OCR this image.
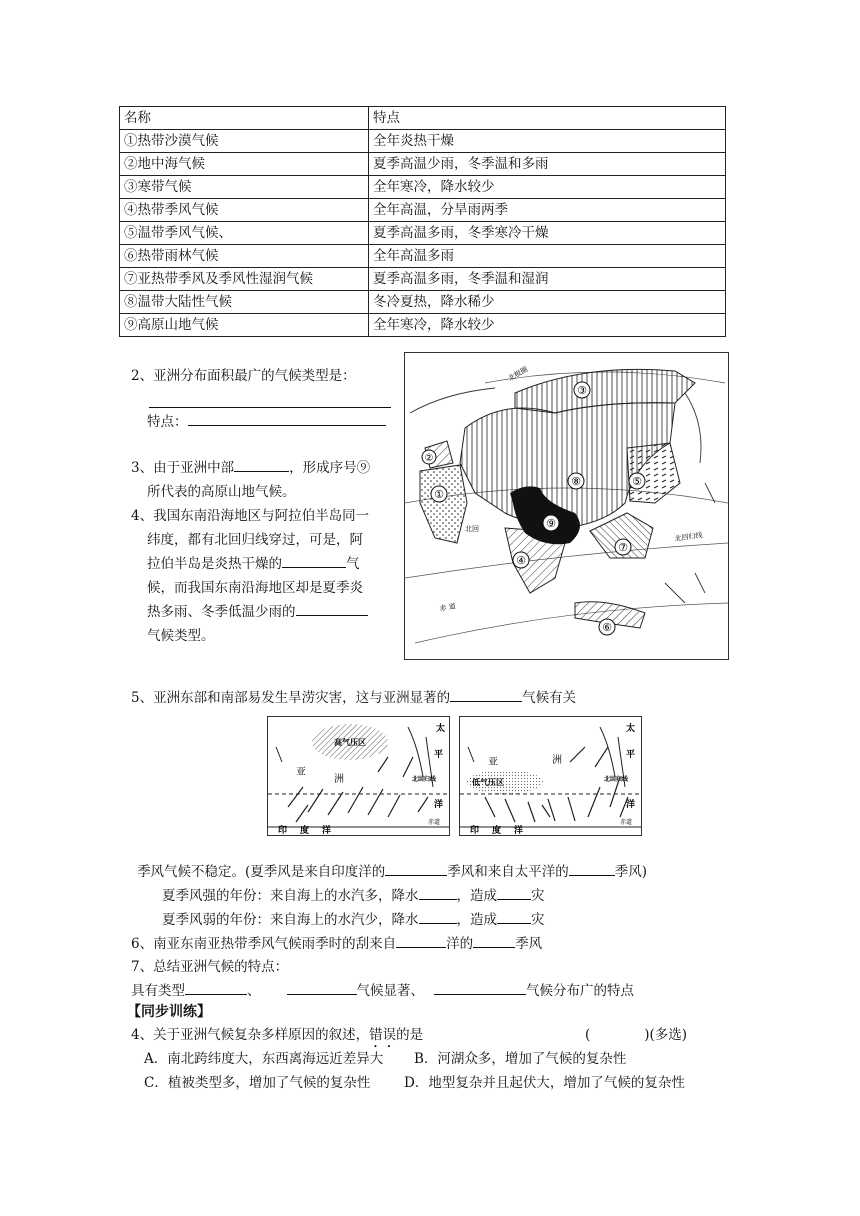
名称	特点
①热带沙漠气候	全年炎热干燥
②地中海气候	夏季高温少雨，冬季温和多雨
③寒带气候	全年寒冷，降水较少
④热带季风气候	全年高温，分旱雨两季
⑤温带季风气候、	夏季高温多雨，冬季寒冷干燥
⑥热带雨林气候	全年高温多雨
⑦亚热带季风及季风性湿润气候	夏季高温多雨，冬季温和湿润
⑧温带大陆性气候	冬冷夏热，降水稀少
⑨高原山地气候	全年寒冷，降水较少
2、亚洲分布面积最广的气候类型是：
特点：
3、由于亚洲中部	，形成序号⑨
所代表的高原山地气候。
4、我国东南沿海地区与阿拉伯半岛同一
纬度，都有北回归线穿过，可是，阿
拉伯半岛是炎热干燥的	气
候，而我国东南沿海地区却是夏季炎
热多雨、冬季低温少雨的
气候类型。
①
②
③
④
⑤
⑥
⑦
⑧
⑨
北回归线
北回
赤 道
北极圈
5、亚洲东部和南部易发生旱涝灾害，这与亚洲显著的	气候有关
高气压区
亚
洲
印 度 洋
太
平
洋
北回归线
赤道
低气压区
亚	洲
印 度 洋
太
平
洋
北回归线
赤道
季风气候不稳定。(夏季风是来自印度洋的	季风和来自太平洋的	季风)
夏季风强的年份：来自海上的水汽多，降水	，造成	灾
夏季风弱的年份：来自海上的水汽少，降水	，造成	灾
6、南亚东南亚热带季风气候雨季时的刮来自	洋的	季风
7、总结亚洲气候的特点：
具有类型	、	气候显著、	气候分布广的特点
【同步训练】
4、关于亚洲气候复杂多样原因的叙述，错误的是	(　　　　)(多选)
A．南北跨纬度大，东西离海远近差异大 B．河湖众多，增加了气候的复杂性
C．植被类型多，增加了气候的复杂性 D．地型复杂并且起伏大，增加了气候的复杂性
